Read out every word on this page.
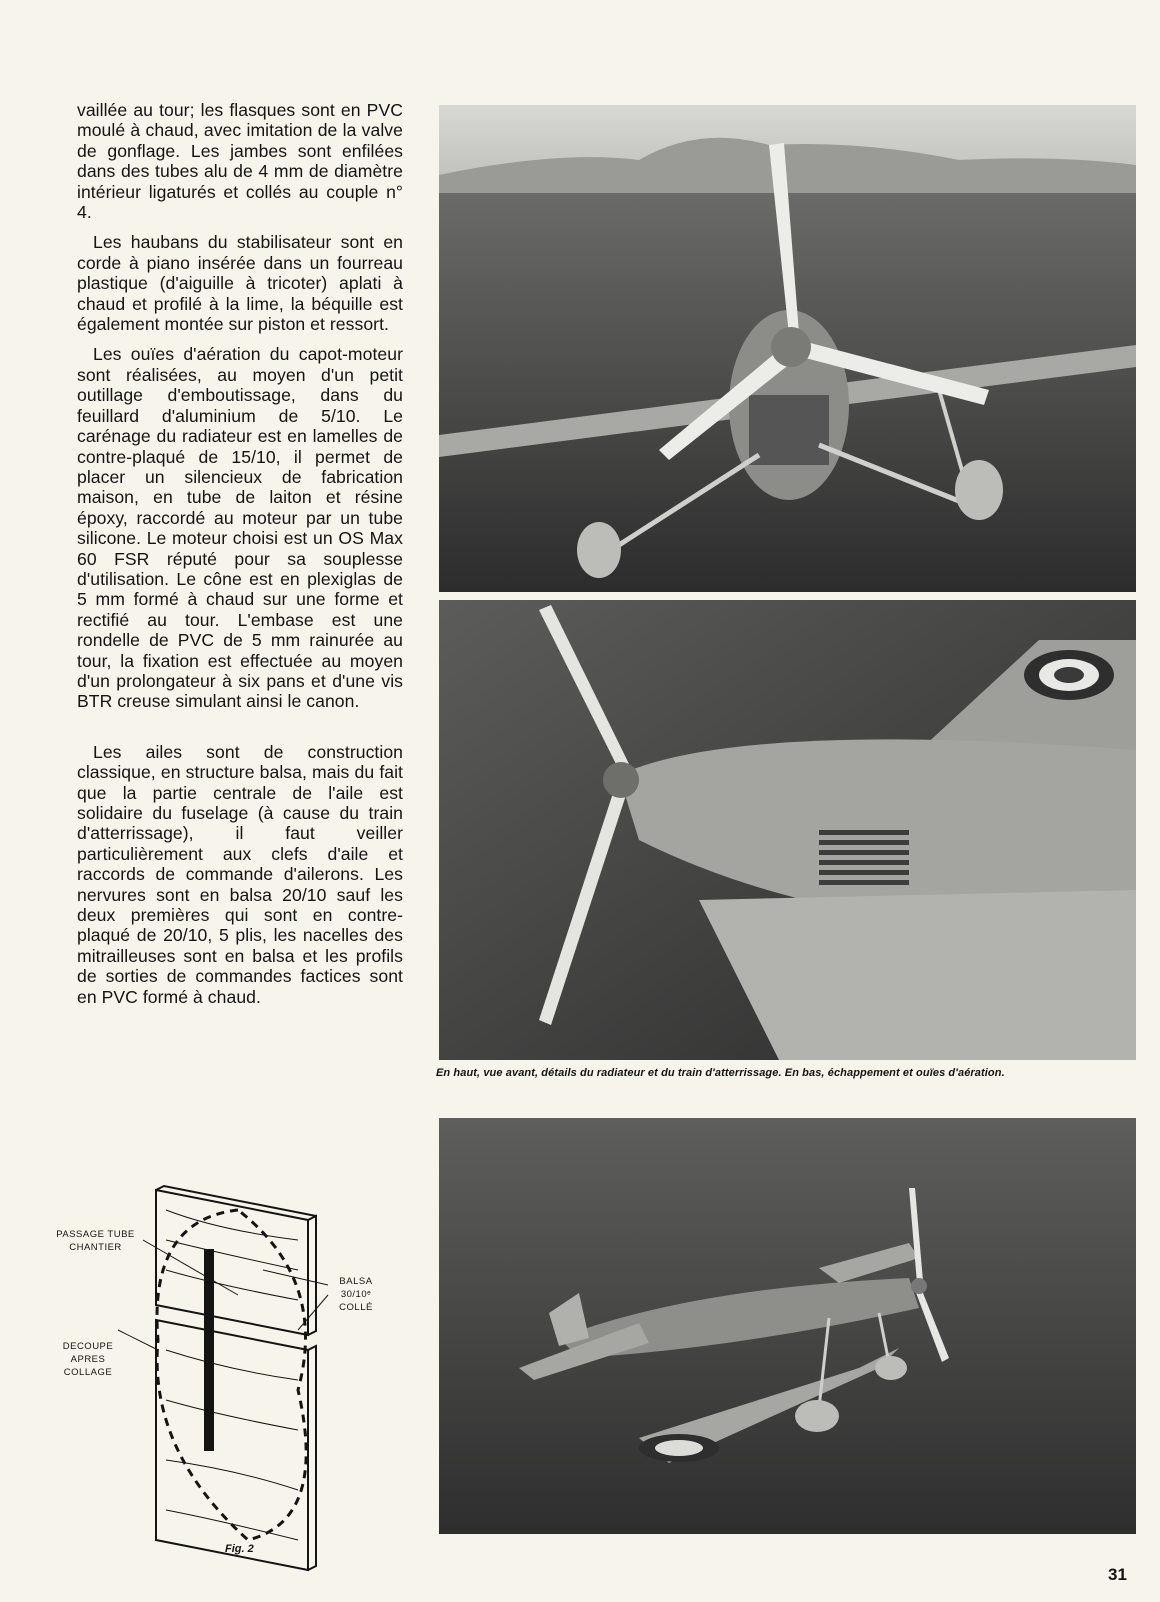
vaillée au tour; les flasques sont en PVC moulé à chaud, avec imitation de la valve de gonflage. Les jambes sont enfilées dans des tubes alu de 4 mm de diamètre intérieur ligaturés et collés au couple n° 4.

Les haubans du stabilisateur sont en corde à piano insérée dans un fourreau plastique (d'aiguille à tricoter) aplati à chaud et profilé à la lime, la béquille est également montée sur piston et ressort.

Les ouïes d'aération du capot-moteur sont réalisées, au moyen d'un petit outillage d'emboutissage, dans du feuillard d'aluminium de 5/10. Le carénage du radiateur est en lamelles de contre-plaqué de 15/10, il permet de placer un silencieux de fabrication maison, en tube de laiton et résine époxy, raccordé au moteur par un tube silicone. Le moteur choisi est un OS Max 60 FSR réputé pour sa souplesse d'utilisation. Le cône est en plexiglas de 5 mm formé à chaud sur une forme et rectifié au tour. L'embase est une rondelle de PVC de 5 mm rainurée au tour, la fixation est effectuée au moyen d'un prolongateur à six pans et d'une vis BTR creuse simulant ainsi le canon.

Les ailes sont de construction classique, en structure balsa, mais du fait que la partie centrale de l'aile est solidaire du fuselage (à cause du train d'atterrissage), il faut veiller particulièrement aux clefs d'aile et raccords de commande d'ailerons. Les nervures sont en balsa 20/10 sauf les deux premières qui sont en contre-plaqué de 20/10, 5 plis, les nacelles des mitrailleuses sont en balsa et les profils de sorties de commandes factices sont en PVC formé à chaud.

En haut, vue avant, détails du radiateur et du train d'atterrissage. En bas, échappement et ouïes d'aération.
PASSAGE TUBE CHANTIER
BALSA 30/10ᵉ COLLÉ
DECOUPE APRES COLLAGE
Fig. 2
31
